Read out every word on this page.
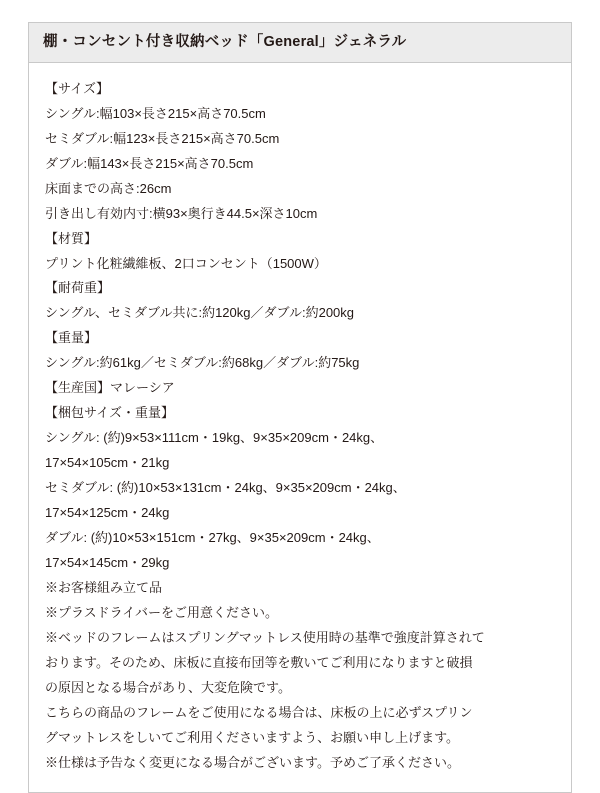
棚・コンセント付き収納ベッド「General」ジェネラル
【サイズ】
シングル:幅103×長さ215×高さ70.5cm
セミダブル:幅123×長さ215×高さ70.5cm
ダブル:幅143×長さ215×高さ70.5cm
床面までの高さ:26cm
引き出し有効内寸:横93×奥行き44.5×深さ10cm
【材質】
プリント化粧繊維板、2口コンセント（1500W）
【耐荷重】
シングル、セミダブル共に:約120kg／ダブル:約200kg
【重量】
シングル:約61kg／セミダブル:約68kg／ダブル:約75kg
【生産国】マレーシア
【梱包サイズ・重量】
シングル: (約)9×53×111cm・19kg、9×35×209cm・24kg、
17×54×105cm・21kg
セミダブル: (約)10×53×131cm・24kg、9×35×209cm・24kg、
17×54×125cm・24kg
ダブル: (約)10×53×151cm・27kg、9×35×209cm・24kg、
17×54×145cm・29kg
※お客様組み立て品
※プラスドライバーをご用意ください。
※ベッドのフレームはスプリングマットレス使用時の基準で強度計算されて
おります。そのため、床板に直接布団等を敷いてご利用になりますと破損
の原因となる場合があり、大変危険です。
こちらの商品のフレームをご使用になる場合は、床板の上に必ずスプリン
グマットレスをしいてご利用くださいますよう、お願い申し上げます。
※仕様は予告なく変更になる場合がございます。予めご了承ください。
